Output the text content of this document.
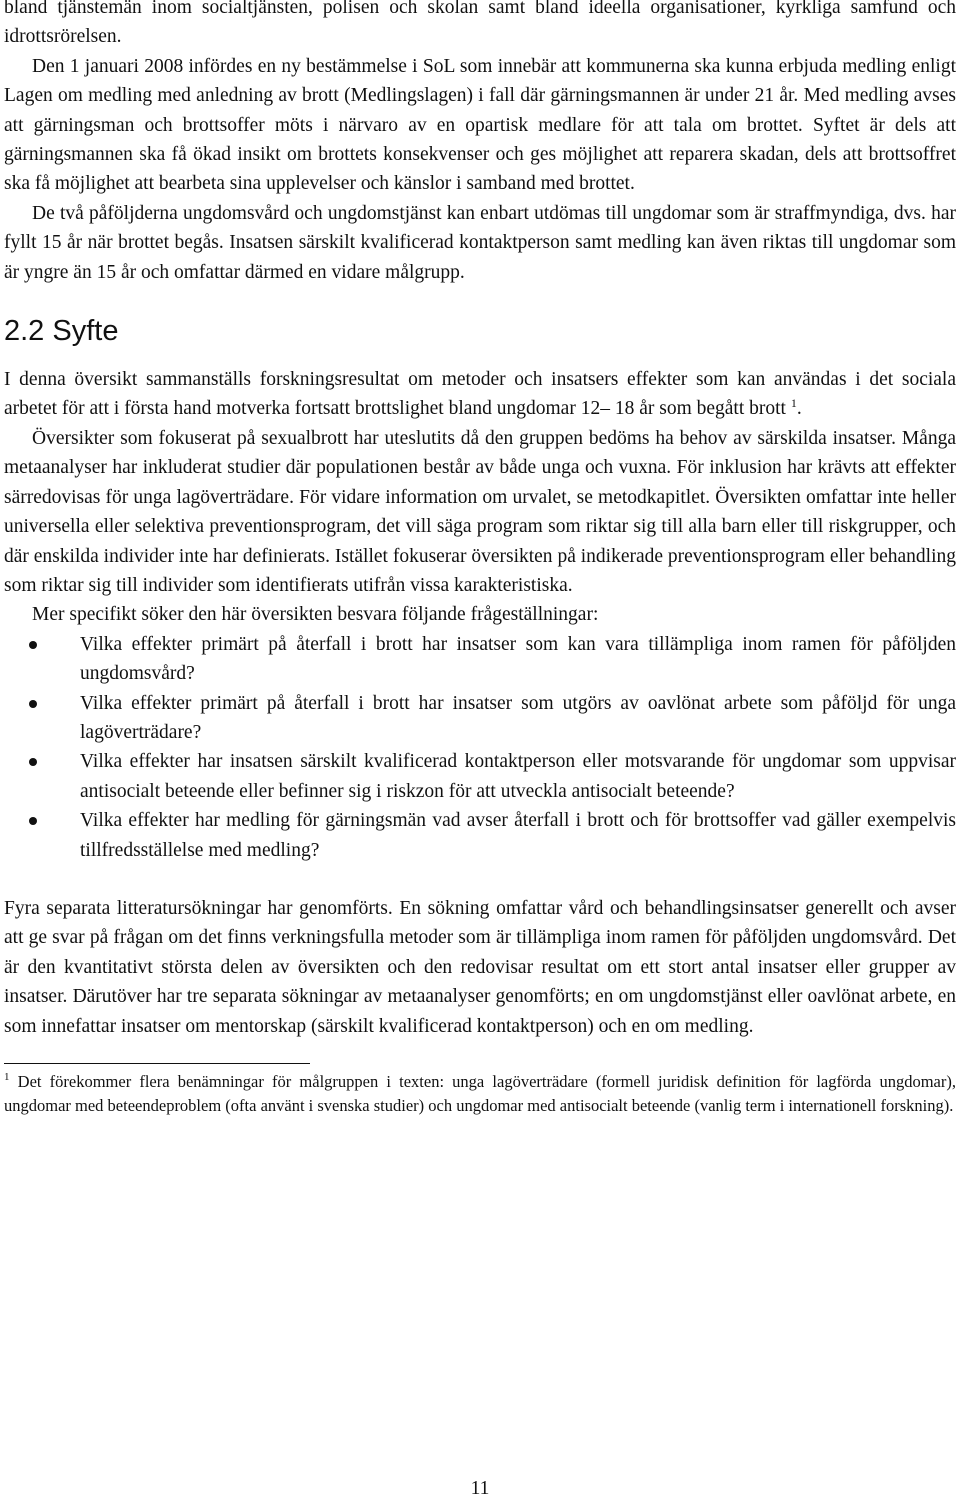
bland tjänstemän inom socialtjänsten, polisen och skolan samt bland ideella organisationer, kyrkliga samfund och idrottsrörelsen.

Den 1 januari 2008 infördes en ny bestämmelse i SoL som innebär att kommunerna ska kunna erbjuda medling enligt Lagen om medling med anledning av brott (Medlingslagen) i fall där gärningsmannen är under 21 år. Med medling avses att gärningsman och brottsoffer möts i närvaro av en opartisk medlare för att tala om brottet. Syftet är dels att gärningsmannen ska få ökad insikt om brottets konsekvenser och ges möjlighet att reparera skadan, dels att brottsoffret ska få möjlighet att bearbeta sina upplevelser och känslor i samband med brottet.

De två påföljderna ungdomsvård och ungdomstjänst kan enbart utdömas till ungdomar som är straffmyndiga, dvs. har fyllt 15 år när brottet begås. Insatsen särskilt kvalificerad kontaktperson samt medling kan även riktas till ungdomar som är yngre än 15 år och omfattar därmed en vidare målgrupp.

2.2 Syfte

I denna översikt sammanställs forskningsresultat om metoder och insatsers effekter som kan användas i det sociala arbetet för att i första hand motverka fortsatt brottslighet bland ungdomar 12– 18 år som begått brott $^1$.

Översikter som fokuserat på sexualbrott har uteslutits då den gruppen bedöms ha behov av särskilda insatser. Många metaanalyser har inkluderat studier där populationen består av både unga och vuxna. För inklusion har krävts att effekter särredovisas för unga lagöverträdare. För vidare information om urvalet, se metodkapitlet. Översikten omfattar inte heller universella eller selektiva preventionsprogram, det vill säga program som riktar sig till alla barn eller till riskgrupper, och där enskilda individer inte har definierats. Istället fokuserar översikten på indikerade preventionsprogram eller behandling som riktar sig till individer som identifierats utifrån vissa karakteristiska.

Mer specifikt söker den här översikten besvara följande frågeställningar:

Vilka effekter primärt på återfall i brott har insatser som kan vara tillämpliga inom ramen för påföljden ungdomsvård?
Vilka effekter primärt på återfall i brott har insatser som utgörs av oavlönat arbete som påföljd för unga lagöverträdare?
Vilka effekter har insatsen särskilt kvalificerad kontaktperson eller motsvarande för ungdomar som uppvisar antisocialt beteende eller befinner sig i riskzon för att utveckla antisocialt beteende?
Vilka effekter har medling för gärningsmän vad avser återfall i brott och för brottsoffer vad gäller exempelvis tillfredsställelse med medling?

Fyra separata litteratursökningar har genomförts. En sökning omfattar vård och behandlingsinsatser generellt och avser att ge svar på frågan om det finns verkningsfulla metoder som är tillämpliga inom ramen för påföljden ungdomsvård. Det är den kvantitativt största delen av översikten och den redovisar resultat om ett stort antal insatser eller grupper av insatser. Därutöver har tre separata sökningar av metaanalyser genomförts; en om ungdomstjänst eller oavlönat arbete, en som innefattar insatser om mentorskap (särskilt kvalificerad kontaktperson) och en om medling.

$^1$ Det förekommer flera benämningar för målgruppen i texten: unga lagöverträdare (formell juridisk definition för lagförda ungdomar), ungdomar med beteendeproblem (ofta använt i svenska studier) och ungdomar med antisocialt beteende (vanlig term i internationell forskning).

11
